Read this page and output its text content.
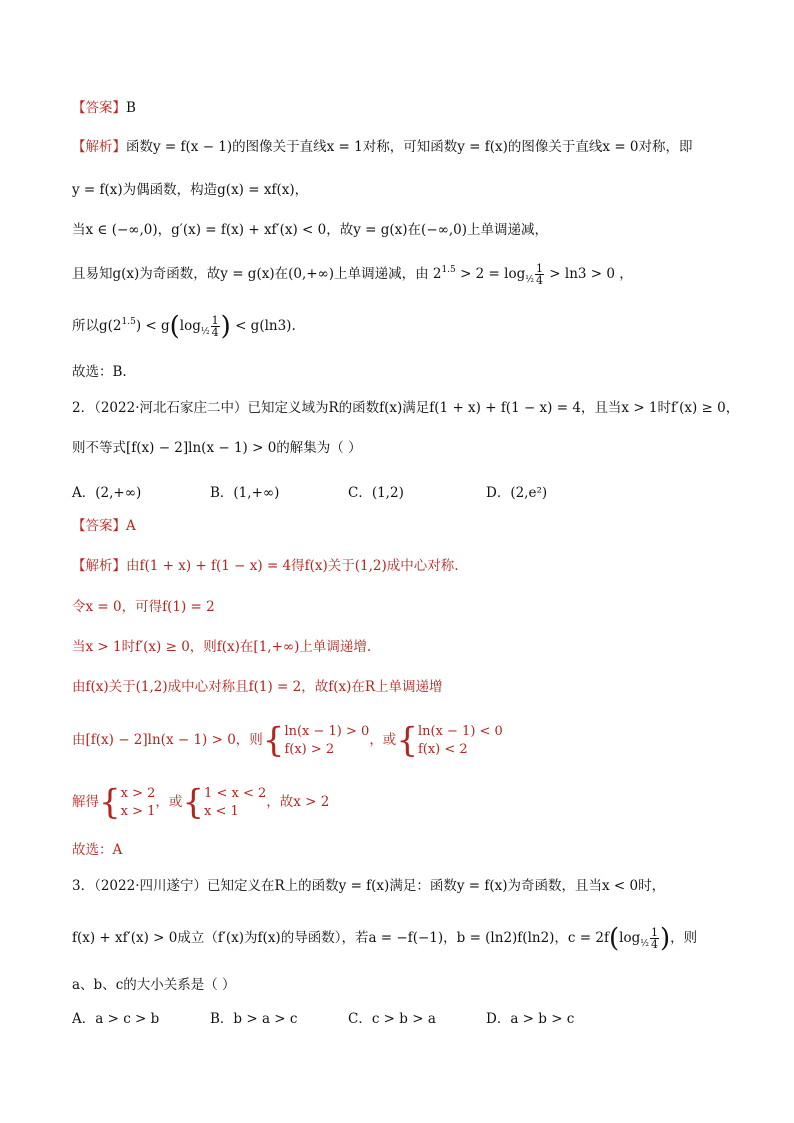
【答案】B
【解析】函数y = f(x − 1)的图像关于直线x = 1对称，可知函数y = f(x)的图像关于直线x = 0对称，即
y = f(x)为偶函数，构造g(x) = xf(x)，
当x ∈ (−∞,0)，g′(x) = f(x) + xf′(x) < 0，故y = g(x)在(−∞,0)上单调递减，
且易知g(x)为奇函数，故y = g(x)在(0,+∞)上单调递减，由 $2^{1.5} > 2 = \log_{\frac{1}{2}} \frac{1}{4} > \ln 3 > 0$ ，
所以$g(2^{1.5}) < g(\log_{\frac{1}{2}} \frac{1}{4}$ ) < g(ln3).
故选：B.
2．（2022·河北石家庄二中）已知定义域为R的函数f(x)满足f(1 + x) + f(1 − x) = 4，且当x > 1时f′(x) ≥ 0，
则不等式[f(x) − 2]ln(x − 1) > 0的解集为（ ）
A．(2,+∞)	B．(1,+∞)	C．(1,2)	D．(2,e²)
【答案】A
【解析】由f(1 + x) + f(1 − x) = 4得f(x)关于(1,2)成中心对称.
令x = 0，可得f(1) = 2
当x > 1时f′(x) ≥ 0，则f(x)在[1,+∞)上单调递增.
由f(x)关于(1,2)成中心对称且f(1) = 2，故f(x)在R上单调递增
由[f(x) − 2]ln(x − 1) > 0，则{ ln(x − 1) > 0
f(x) > 2
，或{ ln(x − 1) < 0
f(x) < 2
解得{ x > 2
x > 1
，或{ 1 < x < 2
x < 1
，故x > 2
故选：A
3．（2022·四川遂宁）已知定义在R上的函数y = f(x)满足：函数y = f(x)为奇函数，且当x < 0时，
f(x) + xf′(x) > 0成立（f′(x)为f(x)的导函数），若a = −f(−1)，b = (ln2)f(ln2)，$c = 2f(\log_{\frac{1}{2}} \frac{1}{4}$ )，则
a、b、c的大小关系是（ ）
A．a > c > b	B．b > a > c	C．c > b > a	D．a > b > c
